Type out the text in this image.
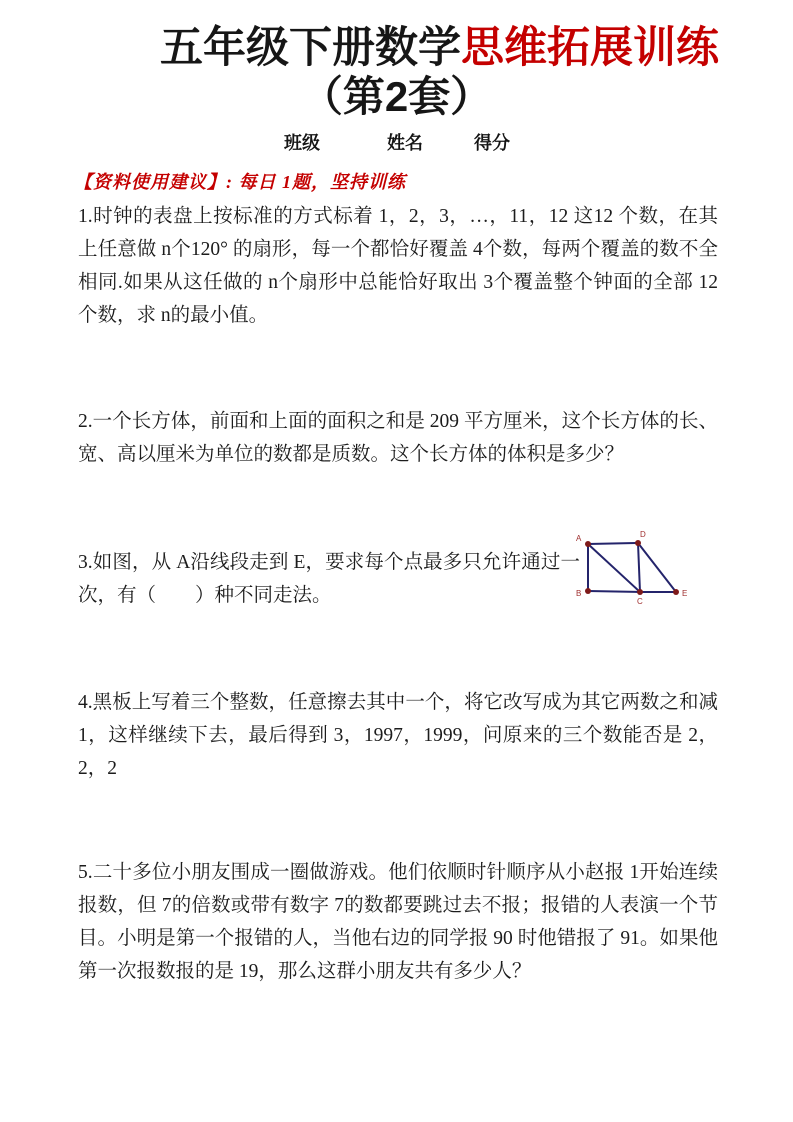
五年级下册数学思维拓展训练
（第2套）
班级	姓名	得分
【资料使用建议】: 每日 1题，坚持训练

1.时钟的表盘上按标准的方式标着 1，2，3，…，11，12 这12 个数，在其上任意做 n个120° 的扇形，每一个都恰好覆盖 4个数，每两个覆盖的数不全相同.如果从这任做的 n个扇形中总能恰好取出 3个覆盖整个钟面的全部 12 个数，求 n的最小值。

2.一个长方体，前面和上面的面积之和是 209 平方厘米，这个长方体的长、宽、高以厘米为单位的数都是质数。这个长方体的体积是多少？

3.如图，从 A沿线段走到 E，要求每个点最多只允许通过一次，有（　　）种不同走法。

4.黑板上写着三个整数，任意擦去其中一个，将它改写成为其它两数之和减 1，这样继续下去，最后得到 3，1997，1999，问原来的三个数能否是 2，2，2

5.二十多位小朋友围成一圈做游戏。他们依顺时针顺序从小赵报 1开始连续报数，但 7的倍数或带有数字 7的数都要跳过去不报；报错的人表演一个节目。小明是第一个报错的人，当他右边的同学报 90 时他错报了 91。如果他第一次报数报的是 19，那么这群小朋友共有多少人？

A	D
B
C
E
